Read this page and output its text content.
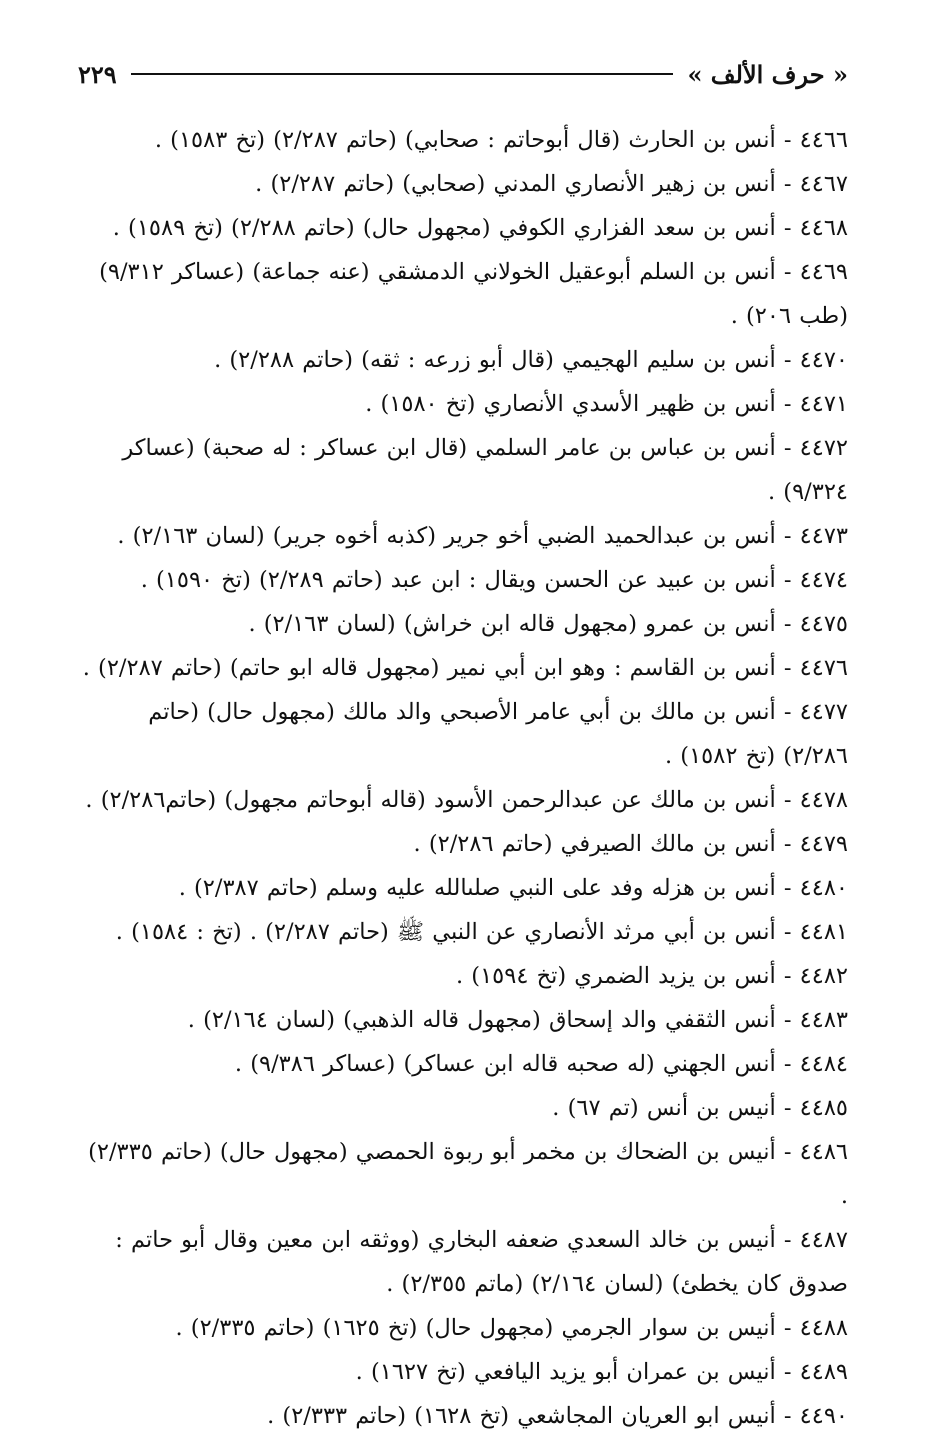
« حرف الألف »
٢٢٩

٤٤٦٦ - أنس بن الحارث (قال أبوحاتم : صحابي) (حاتم ٢/٢٨٧) (تخ ١٥٨٣) .

٤٤٦٧ - أنس بن زهير الأنصاري المدني (صحابي) (حاتم ٢/٢٨٧) .

٤٤٦٨ - أنس بن سعد الفزاري الكوفي (مجهول حال) (حاتم ٢/٢٨٨) (تخ ١٥٨٩) .

٤٤٦٩ - أنس بن السلم أبوعقيل الخولاني الدمشقي (عنه جماعة) (عساكر ٩/٣١٢) (طب ٢٠٦) .

٤٤٧٠ - أنس بن سليم الهجيمي (قال أبو زرعه : ثقه) (حاتم ٢/٢٨٨) .

٤٤٧١ - أنس بن ظهير الأسدي الأنصاري (تخ ١٥٨٠) .

٤٤٧٢ - أنس بن عباس بن عامر السلمي (قال ابن عساكر : له صحبة) (عساكر ٩/٣٢٤) .

٤٤٧٣ - أنس بن عبدالحميد الضبي أخو جرير (كذبه أخوه جرير) (لسان ٢/١٦٣) .

٤٤٧٤ - أنس بن عبيد عن الحسن ويقال : ابن عبد (حاتم ٢/٢٨٩) (تخ ١٥٩٠) .

٤٤٧٥ - أنس بن عمرو (مجهول قاله ابن خراش) (لسان ٢/١٦٣) .

٤٤٧٦ - أنس بن القاسم : وهو ابن أبي نمير (مجهول قاله ابو حاتم) (حاتم ٢/٢٨٧) .

٤٤٧٧ - أنس بن مالك بن أبي عامر الأصبحي والد مالك (مجهول حال) (حاتم ٢/٢٨٦) (تخ ١٥٨٢) .

٤٤٧٨ - أنس بن مالك عن عبدالرحمن الأسود (قاله أبوحاتم مجهول) (حاتم٢/٢٨٦) .

٤٤٧٩ - أنس بن مالك الصيرفي (حاتم ٢/٢٨٦) .

٤٤٨٠ - أنس بن هزله وفد على النبي صلىالله عليه وسلم (حاتم ٢/٣٨٧) .

٤٤٨١ - أنس بن أبي مرثد الأنصاري عن النبي ﷺ (حاتم ٢/٢٨٧) . (تخ : ١٥٨٤) .

٤٤٨٢ - أنس بن يزيد الضمري (تخ ١٥٩٤) .

٤٤٨٣ - أنس الثقفي والد إسحاق (مجهول قاله الذهبي) (لسان ٢/١٦٤) .

٤٤٨٤ - أنس الجهني (له صحبه قاله ابن عساكر) (عساكر ٩/٣٨٦) .

٤٤٨٥ - أنيس بن أنس (تم ٦٧) .

٤٤٨٦ - أنيس بن الضحاك بن مخمر أبو ربوة الحمصي (مجهول حال) (حاتم ٢/٣٣٥) .

٤٤٨٧ - أنيس بن خالد السعدي ضعفه البخاري (ووثقه ابن معين وقال أبو حاتم : صدوق كان يخطئ) (لسان ٢/١٦٤) (ماتم ٢/٣٥٥) .

٤٤٨٨ - أنيس بن سوار الجرمي (مجهول حال) (تخ ١٦٢٥) (حاتم ٢/٣٣٥) .

٤٤٨٩ - أنيس بن عمران أبو يزيد اليافعي (تخ ١٦٢٧) .

٤٤٩٠ - أنيس ابو العريان المجاشعي (تخ ١٦٢٨) (حاتم ٢/٣٣٣) .
